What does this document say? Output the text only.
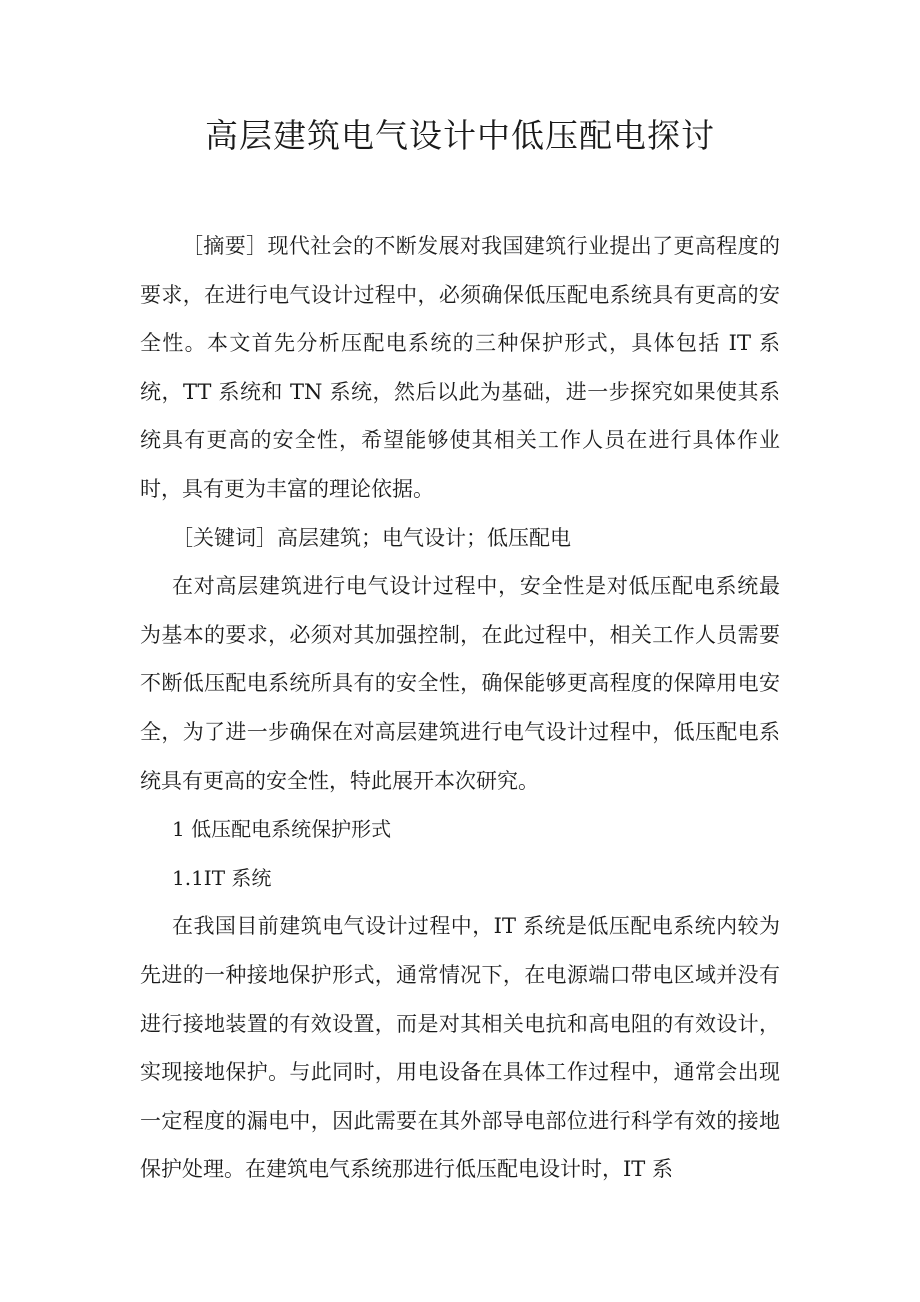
高层建筑电气设计中低压配电探讨

［摘要］现代社会的不断发展对我国建筑行业提出了更高程度的要求，在进行电气设计过程中，必须确保低压配电系统具有更高的安全性。本文首先分析压配电系统的三种保护形式，具体包括 IT 系统，TT 系统和 TN 系统，然后以此为基础，进一步探究如果使其系统具有更高的安全性，希望能够使其相关工作人员在进行具体作业时，具有更为丰富的理论依据。

［关键词］高层建筑；电气设计；低压配电

在对高层建筑进行电气设计过程中，安全性是对低压配电系统最为基本的要求，必须对其加强控制，在此过程中，相关工作人员需要不断低压配电系统所具有的安全性，确保能够更高程度的保障用电安全，为了进一步确保在对高层建筑进行电气设计过程中，低压配电系统具有更高的安全性，特此展开本次研究。

1 低压配电系统保护形式

1.1IT 系统

在我国目前建筑电气设计过程中，IT 系统是低压配电系统内较为先进的一种接地保护形式，通常情况下，在电源端口带电区域并没有进行接地装置的有效设置，而是对其相关电抗和高电阻的有效设计，实现接地保护。与此同时，用电设备在具体工作过程中，通常会出现一定程度的漏电中，因此需要在其外部导电部位进行科学有效的接地保护处理。在建筑电气系统那进行低压配电设计时，IT 系
